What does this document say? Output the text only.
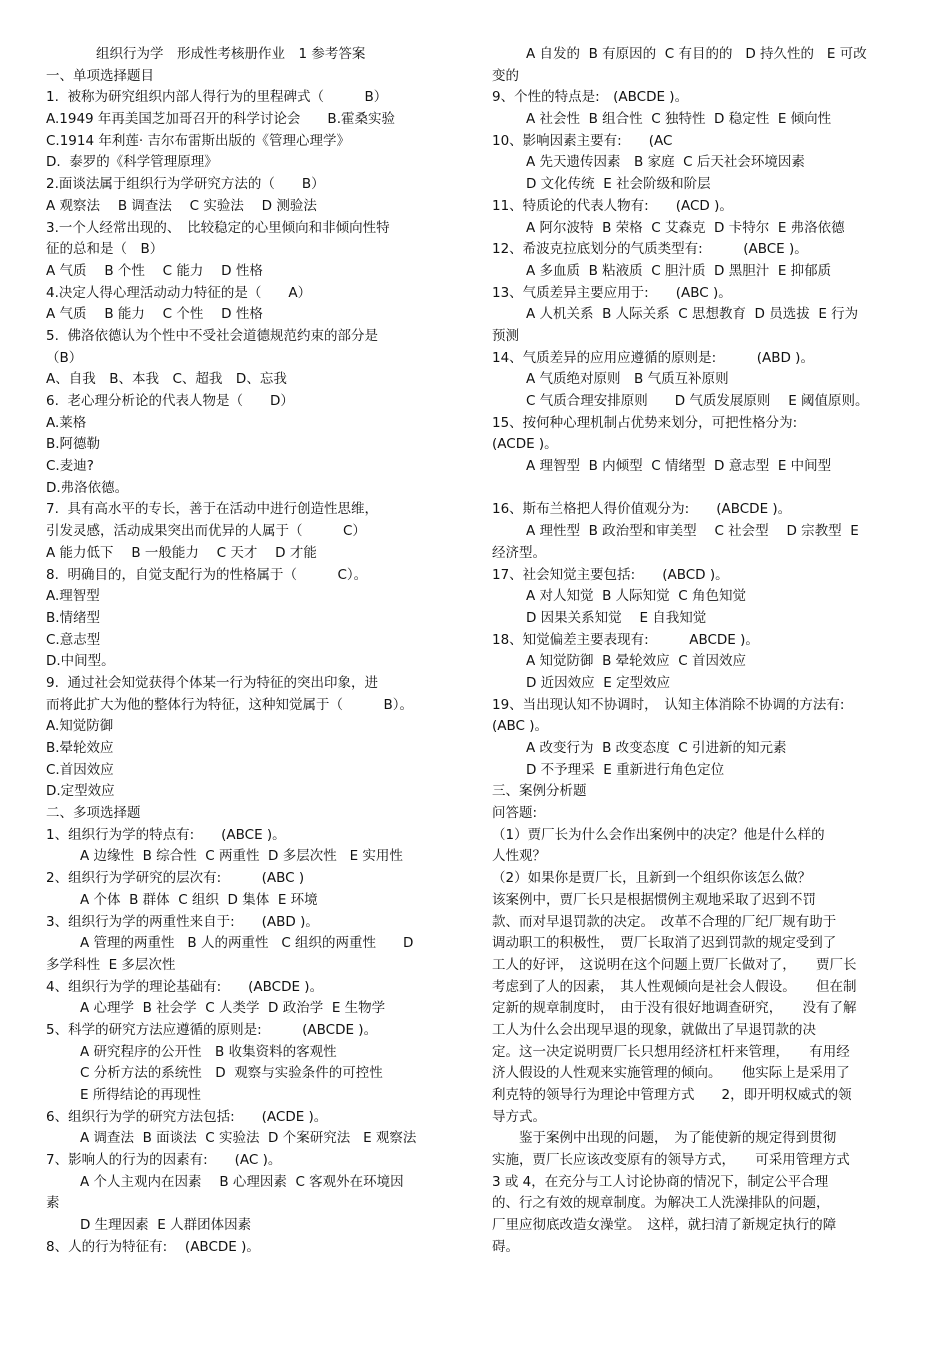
组织行为学　形成性考核册作业　1 参考答案
一、单项选择题目
1.  被称为研究组织内部人得行为的里程碑式（　　　B）
A.1949 年再美国芝加哥召开的科学讨论会　　B.霍桑实验
C.1914 年利莲· 吉尔布雷斯出版的《管理心理学》
D.  泰罗的《科学管理原理》
2.面谈法属于组织行为学研究方法的（　　B）
A 观察法　 B 调查法　 C 实验法　 D 测验法
3.一个人经常出现的、　比较稳定的心里倾向和非倾向性特
征的总和是（　B）
A 气质　 B 个性　 C 能力　 D 性格
4.决定人得心理活动动力特征的是（　　A）
A 气质　 B 能力　 C 个性　 D 性格
5.  佛洛依德认为个性中不受社会道德规范约束的部分是
（B）
A、自我　B、本我　C、超我　D、忘我
6.  老心理分析论的代表人物是（　　D）
A.莱格
B.阿德勒
C.麦迪?
D.弗洛依德。
7.  具有高水平的专长，善于在活动中进行创造性思维，
引发灵感，活动成果突出而优异的人属于（　　　C）
A 能力低下　 B 一般能力　 C 天才　 D 才能
8.  明确目的，自觉支配行为的性格属于（　　　C）。
A.理智型
B.情绪型
C.意志型
D.中间型。
9.  通过社会知觉获得个体某一行为特征的突出印象，进
而将此扩大为他的整体行为特征，这种知觉属于（　　　B）。
A.知觉防御
B.晕轮效应
C.首因效应
D.定型效应
二、多项选择题
1、组织行为学的特点有:　　(ABCE )。
A 边缘性  B 综合性  C 两重性  D 多层次性   E 实用性
2、组织行为学研究的层次有:　　　(ABC )
A 个体  B 群体  C 组织  D 集体  E 环境
3、组织行为学的两重性来自于:　　(ABD )。
A 管理的两重性   B 人的两重性   C 组织的两重性　　D
多学科性  E 多层次性
4、组织行为学的理论基础有:　　(ABCDE )。
A 心理学  B 社会学  C 人类学  D 政治学  E 生物学
5、科学的研究方法应遵循的原则是:　　　(ABCDE )。
A 研究程序的公开性　B 收集资料的客观性
C 分析方法的系统性　D  观察与实验条件的可控性
E 所得结论的再现性
6、组织行为学的研究方法包括:　　(ACDE )。
A 调查法  B 面谈法  C 实验法  D 个案研究法   E 观察法
7、影响人的行为的因素有:　　(AC )。
A 个人主观内在因素　 B 心理因素  C 客观外在环境因
素
D 生理因素  E 人群团体因素
8、人的行为特征有:　 (ABCDE )。
A 自发的  B 有原因的  C 有目的的   D 持久性的   E 可改
变的
9、个性的特点是:　(ABCDE )。
A 社会性  B 组合性  C 独特性  D 稳定性  E 倾向性
10、影响因素主要有:　　(AC
A 先天遗传因素　B 家庭  C 后天社会环境因素
D 文化传统  E 社会阶级和阶层
11、特质论的代表人物有:　　(ACD )。
A 阿尔波特  B 荣格  C 艾森克  D 卡特尔  E 弗洛依德
12、希波克拉底划分的气质类型有:　　　(ABCE )。
A 多血质  B 粘液质  C 胆汁质  D 黑胆汁  E 抑郁质
13、气质差异主要应用于:　　(ABC )。
A 人机关系  B 人际关系  C 思想教育  D 员选拔  E 行为
预测
14、气质差异的应用应遵循的原则是:　　　(ABD )。
A 气质绝对原则　B 气质互补原则
C 气质合理安排原则　　D 气质发展原则　 E 阈值原则。
15、按何种心理机制占优势来划分，可把性格分为:
(ACDE )。
A 理智型  B 内倾型  C 情绪型  D 意志型  E 中间型
16、斯布兰格把人得价值观分为:　　(ABCDE )。
A 理性型  B 政治型和审美型　 C 社会型　 D 宗教型  E
经济型。
17、社会知觉主要包括:　　(ABCD )。
A 对人知觉  B 人际知觉  C 角色知觉
D 因果关系知觉　 E 自我知觉
18、知觉偏差主要表现有:　　　ABCDE )。
A 知觉防御  B 晕轮效应  C 首因效应
D 近因效应  E 定型效应
19、当出现认知不协调时，　认知主体消除不协调的方法有:
(ABC )。
A 改变行为  B 改变态度  C 引进新的知元素
D 不予理采  E 重新进行角色定位
三、案例分析题
问答题:
（1）贾厂长为什么会作出案例中的决定？他是什么样的
人性观？
（2）如果你是贾厂长，且新到一个组织你该怎么做？
该案例中，贾厂长只是根据惯例主观地采取了迟到不罚
款、而对早退罚款的决定。　改革不合理的厂纪厂规有助于
调动职工的积极性，　贾厂长取消了迟到罚款的规定受到了
工人的好评，　这说明在这个问题上贾厂长做对了，　　贾厂长
考虑到了人的因素，　其人性观倾向是社会人假设。　　但在制
定新的规章制度时，　由于没有很好地调查研究，　　没有了解
工人为什么会出现早退的现象，就做出了早退罚款的决
定。这一决定说明贾厂长只想用经济杠杆来管理，　　有用经
济人假设的人性观来实施管理的倾向。　　他实际上是采用了
利克特的领导行为理论中管理方式　　2，即开明权威式的领
导方式。
　　鉴于案例中出现的问题，　为了能使新的规定得到贯彻
实施，贾厂长应该改变原有的领导方式，　　可采用管理方式
3 或 4，在充分与工人讨论协商的情况下，制定公平合理
的、行之有效的规章制度。为解决工人洗澡排队的问题，
厂里应彻底改造女澡堂。　这样，就扫清了新规定执行的障
碍。
